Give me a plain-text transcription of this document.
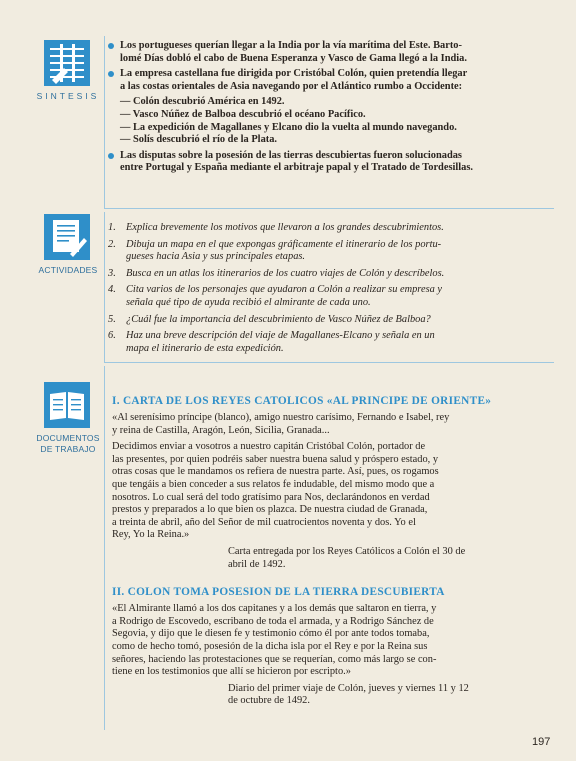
SINTESIS
Los portugueses querían llegar a la India por la vía marítima del Este. Barto-
lomé Días dobló el cabo de Buena Esperanza y Vasco de Gama llegó a la India.
La empresa castellana fue dirigida por Cristóbal Colón, quien pretendía llegar
a las costas orientales de Asia navegando por el Atlántico rumbo a Occidente:
— Colón descubrió América en 1492.
— Vasco Núñez de Balboa descubrió el océano Pacífico.
— La expedición de Magallanes y Elcano dio la vuelta al mundo navegando.
— Solís descubrió el río de la Plata.
Las disputas sobre la posesión de las tierras descubiertas fueron solucionadas
entre Portugal y España mediante el arbitraje papal y el Tratado de Tordesillas.
ACTIVIDADES
1. Explica brevemente los motivos que llevaron a los grandes descubrimientos.
2. Dibuja un mapa en el que expongas gráficamente el itinerario de los portu-
gueses hacia Asia y sus principales etapas.
3. Busca en un atlas los itinerarios de los cuatro viajes de Colón y descríbelos.
4. Cita varios de los personajes que ayudaron a Colón a realizar su empresa y
señala qué tipo de ayuda recibió el almirante de cada uno.
5. ¿Cuál fue la importancia del descubrimiento de Vasco Núñez de Balboa?
6. Haz una breve descripción del viaje de Magallanes-Elcano y señala en un
mapa el itinerario de esta expedición.
DOCUMENTOS
DE TRABAJO
I. CARTA DE LOS REYES CATOLICOS «AL PRINCIPE DE ORIENTE»
«Al serenísimo príncipe (blanco), amigo nuestro carísimo, Fernando e Isabel, rey
y reina de Castilla, Aragón, León, Sicilia, Granada...
Decidimos enviar a vosotros a nuestro capitán Cristóbal Colón, portador de
las presentes, por quien podréis saber nuestra buena salud y próspero estado, y
otras cosas que le mandamos os refiera de nuestra parte. Así, pues, os rogamos
que tengáis a bien conceder a sus relatos fe indudable, del mismo modo que a
nosotros. Lo cual será del todo gratísimo para Nos, declarándonos en verdad
prestos y preparados a lo que bien os plazca. De nuestra ciudad de Granada,
a treinta de abril, año del Señor de mil cuatrocientos noventa y dos. Yo el
Rey, Yo la Reina.»
Carta entregada por los Reyes Católicos a Colón el 30 de
abril de 1492.
II. COLON TOMA POSESION DE LA TIERRA DESCUBIERTA
«El Almirante llamó a los dos capitanes y a los demás que saltaron en tierra, y
a Rodrigo de Escovedo, escribano de toda el armada, y a Rodrigo Sánchez de
Segovia, y dijo que le diesen fe y testimonio cómo él por ante todos tomaba,
como de hecho tomó, posesión de la dicha isla por el Rey e por la Reina sus
señores, haciendo las protestaciones que se requerían, como más largo se con-
tiene en los testimonios que allí se hicieron por escripto.»
Diario del primer viaje de Colón, jueves y viernes 11 y 12
de octubre de 1492.
197
